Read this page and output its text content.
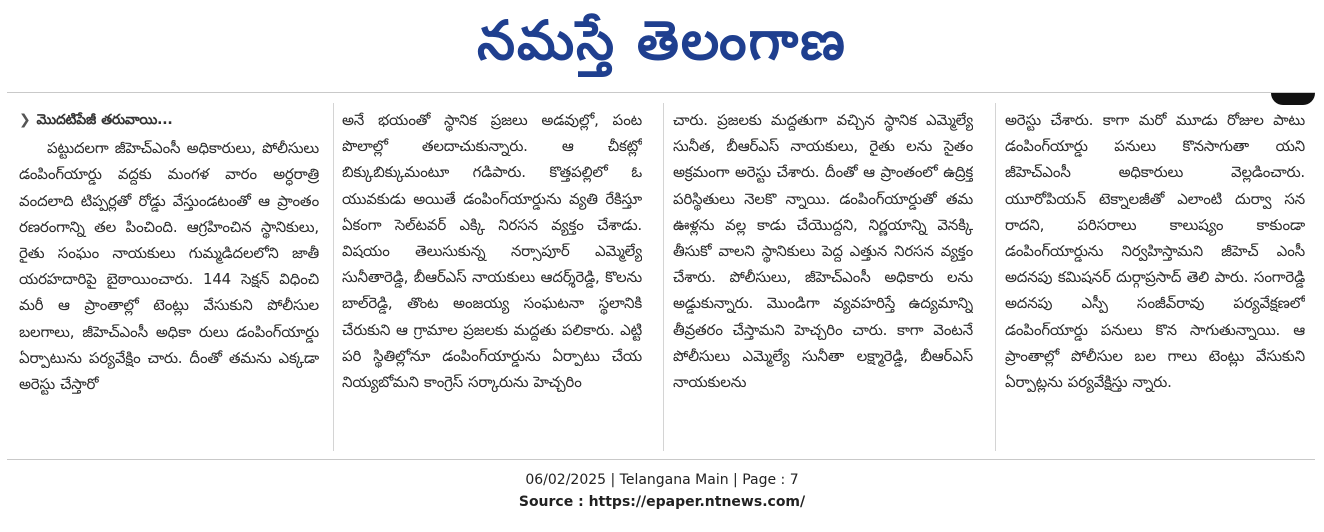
నమస్తే తెలంగాణ
❯ మొదటిపేజీ తరువాయి...

పట్టుదలగా జీహెచ్‌ఎంసీ అధికారులు, పోలీసులు డంపింగ్‌యార్డు వద్దకు మంగళ వారం అర్ధరాత్రి వందలాది టిప్పర్లతో రోడ్డు వేస్తుండటంతో ఆ ప్రాంతం రణరంగాన్ని తల పించింది. ఆగ్రహించిన స్థానికులు, రైతు సంఘం నాయకులు గుమ్మడిదలలోని జాతీ యరహదారిపై బైఠాయించారు. 144 సెక్షన్ విధించి మరీ ఆ ప్రాంతాల్లో టెంట్లు వేసుకుని పోలీసుల బలగాలు, జీహెచ్‌ఎంసీ అధికా రులు డంపింగ్‌యార్డు ఏర్పాటును పర్యవేక్షిం చారు. దీంతో తమను ఎక్కడా అరెస్టు చేస్తారో

అనే భయంతో స్థానిక ప్రజలు అడవుల్లో, పంట పొలాల్లో తలదాచుకున్నారు. ఆ చీకట్లో బిక్కుబిక్కుమంటూ గడిపారు. కొత్తపల్లిలో ఓ యువకుడు అయితే డంపింగ్‌యార్డును వ్యతి రేకిస్తూ ఏకంగా సెల్‌టవర్ ఎక్కి నిరసన వ్యక్తం చేశాడు. విషయం తెలుసుకున్న నర్సాపూర్ ఎమ్మెల్యే సునీతారెడ్డి, బీఆర్‌ఎస్ నాయకులు ఆదర్శ్‌రెడ్డి, కొలను బాల్‌రెడ్డి, తొంట అంజయ్య సంఘటనా స్థలానికి చేరుకుని ఆ గ్రామాల ప్రజలకు మద్దతు పలికారు. ఎట్టి పరి స్థితిల్లోనూ డంపింగ్‌యార్డును ఏర్పాటు చేయ నియ్యబోమని కాంగ్రెస్ సర్కారును హెచ్చరిం

చారు. ప్రజలకు మద్దతుగా వచ్చిన స్థానిక ఎమ్మెల్యే సునీత, బీఆర్‌ఎస్ నాయకులు, రైతు లను సైతం అక్రమంగా అరెస్టు చేశారు. దీంతో ఆ ప్రాంతంలో ఉద్రిక్త పరిస్థితులు నెలకొ న్నాయి. డంపింగ్‌యార్డుతో తమ ఊళ్లను వల్ల కాడు చేయొద్దని, నిర్ణయాన్ని వెనక్కి తీసుకో వాలని స్థానికులు పెద్ద ఎత్తున నిరసన వ్యక్తం చేశారు. పోలీసులు, జీహెచ్‌ఎంసీ అధికారు లను అడ్డుకున్నారు. మొండిగా వ్యవహరిస్తే ఉద్యమాన్ని తీవ్రతరం చేస్తామని హెచ్చరిం చారు. కాగా వెంటనే పోలీసులు ఎమ్మెల్యే సునీతా లక్ష్మారెడ్డి, బీఆర్‌ఎస్ నాయకులను

అరెస్టు చేశారు. కాగా మరో మూడు రోజుల పాటు డంపింగ్‌యార్డు పనులు కొనసాగుతా యని జీహెచ్‌ఎంసీ అధికారులు వెల్లడించారు. యూరోపియన్ టెక్నాలజీతో ఎలాంటి దుర్వా సన రాదని, పరిసరాలు కాలుష్యం కాకుండా డంపింగ్‌యార్డును నిర్వహిస్తామని జీహెచ్ ఎంసీ అదనపు కమిషనర్ దుర్గాప్రసాద్ తెలి పారు. సంగారెడ్డి అదనపు ఎస్పీ సంజీవ్‌రావు పర్యవేక్షణలో డంపింగ్‌యార్డు పనులు కొన సాగుతున్నాయి. ఆ ప్రాంతాల్లో పోలీసుల బల గాలు టెంట్లు వేసుకుని ఏర్పాట్లను పర్యవేక్షిస్తు న్నారు.

06/02/2025 | Telangana Main | Page : 7
Source : https://epaper.ntnews.com/
